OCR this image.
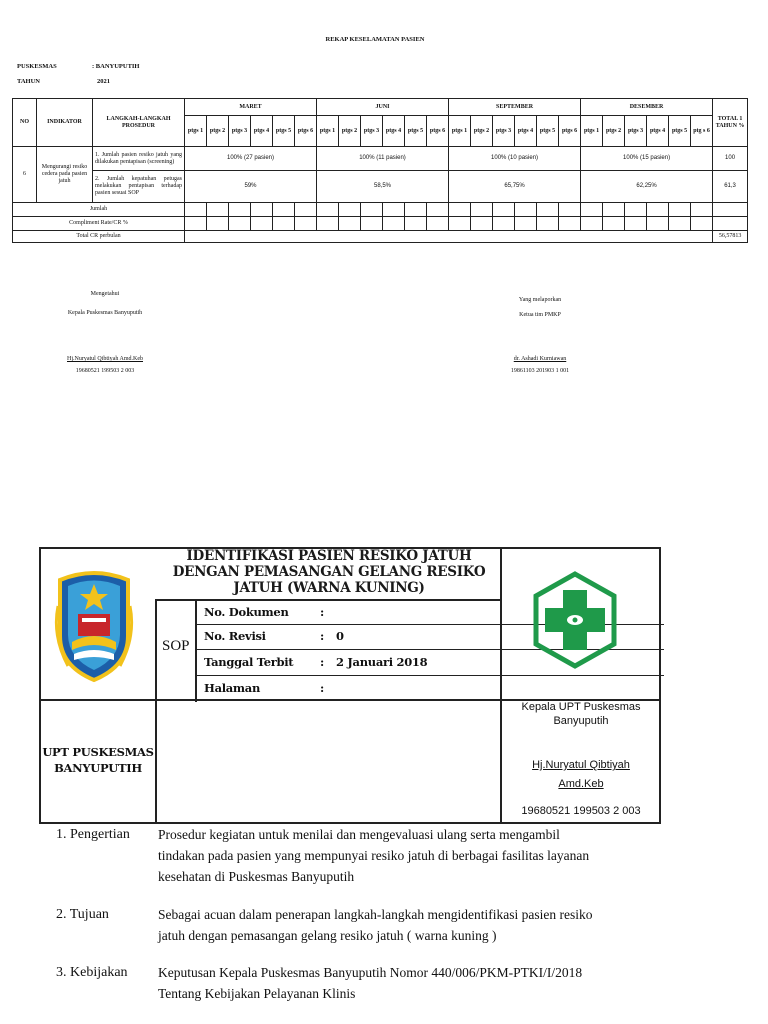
REKAP KESELAMATAN PASIEN
PUSKESMAS	: BANYUPUTIH
TAHUN	2021
NO	INDIKATOR	LANGKAH-LANGKAH PROSEDUR	MARET						JUNI						SEPTEMBER						DESEMBER						TOTAL 1 TAHUN %
			ptgs 1	ptgs 2	ptgs 3	ptgs 4	ptgs 5	ptgs 6	ptgs 1	ptgs 2	ptgs 3	ptgs 4	ptgs 5	ptgs 6	ptgs 1	ptgs 2	ptgs 3	ptgs 4	ptgs 5	ptgs 6	ptgs 1	ptgs 2	ptgs 3	ptgs 4	ptgs 5	ptg s 6	
6	Mengurangi resiko cedera pada pasien jatuh	1. Jumlah pasien resiko jatuh yang dilakukan pentapisan (screening)	100% (27 pasien)						100% (11 pasien)						100% (10 pasien)						100% (15 pasien)						100
		2. Jumlah kepatuhan petugas melakukan pentapisan terhadap pasien sesuai SOP	59%						58,5%						65,75%						62,25%						61,3
Jumlah																											
Compliment Rate/CR %																											
Total CR perbulan																											56,57813
Mengetahui
Kepala Puskesmas Banyuputih
Hj.Nuryatul Qibtiyah Amd.Keb
19680521 199503 2 003
Yang melaporkan
Ketua tim PMKP
dr. Ashadi Kurniawan
19861103 201903 1 001
IDENTIFIKASI PASIEN RESIKO JATUH
DENGAN PEMASANGAN GELANG RESIKO
JATUH (WARNA KUNING)
SOP
No. Dokumen	:
No. Revisi	: 0
Tanggal Terbit : 2 Januari 2018
Halaman	:
UPT PUSKESMAS
BANYUPUTIH
Kepala UPT Puskesmas
Banyuputih
Hj.Nuryatul Qibtiyah
Amd.Keb
19680521 199503 2 003
1. Pengertian Prosedur kegiatan untuk menilai dan mengevaluasi ulang serta mengambil
tindakan pada pasien yang mempunyai resiko jatuh di berbagai fasilitas layanan
kesehatan di Puskesmas Banyuputih
2. Tujuan	Sebagai acuan dalam penerapan langkah-langkah mengidentifikasi pasien resiko
jatuh dengan pemasangan gelang resiko jatuh ( warna kuning )
3. Kebijakan Keputusan Kepala Puskesmas Banyuputih Nomor 440/006/PKM-PTKI/I/2018
Tentang Kebijakan Pelayanan Klinis
